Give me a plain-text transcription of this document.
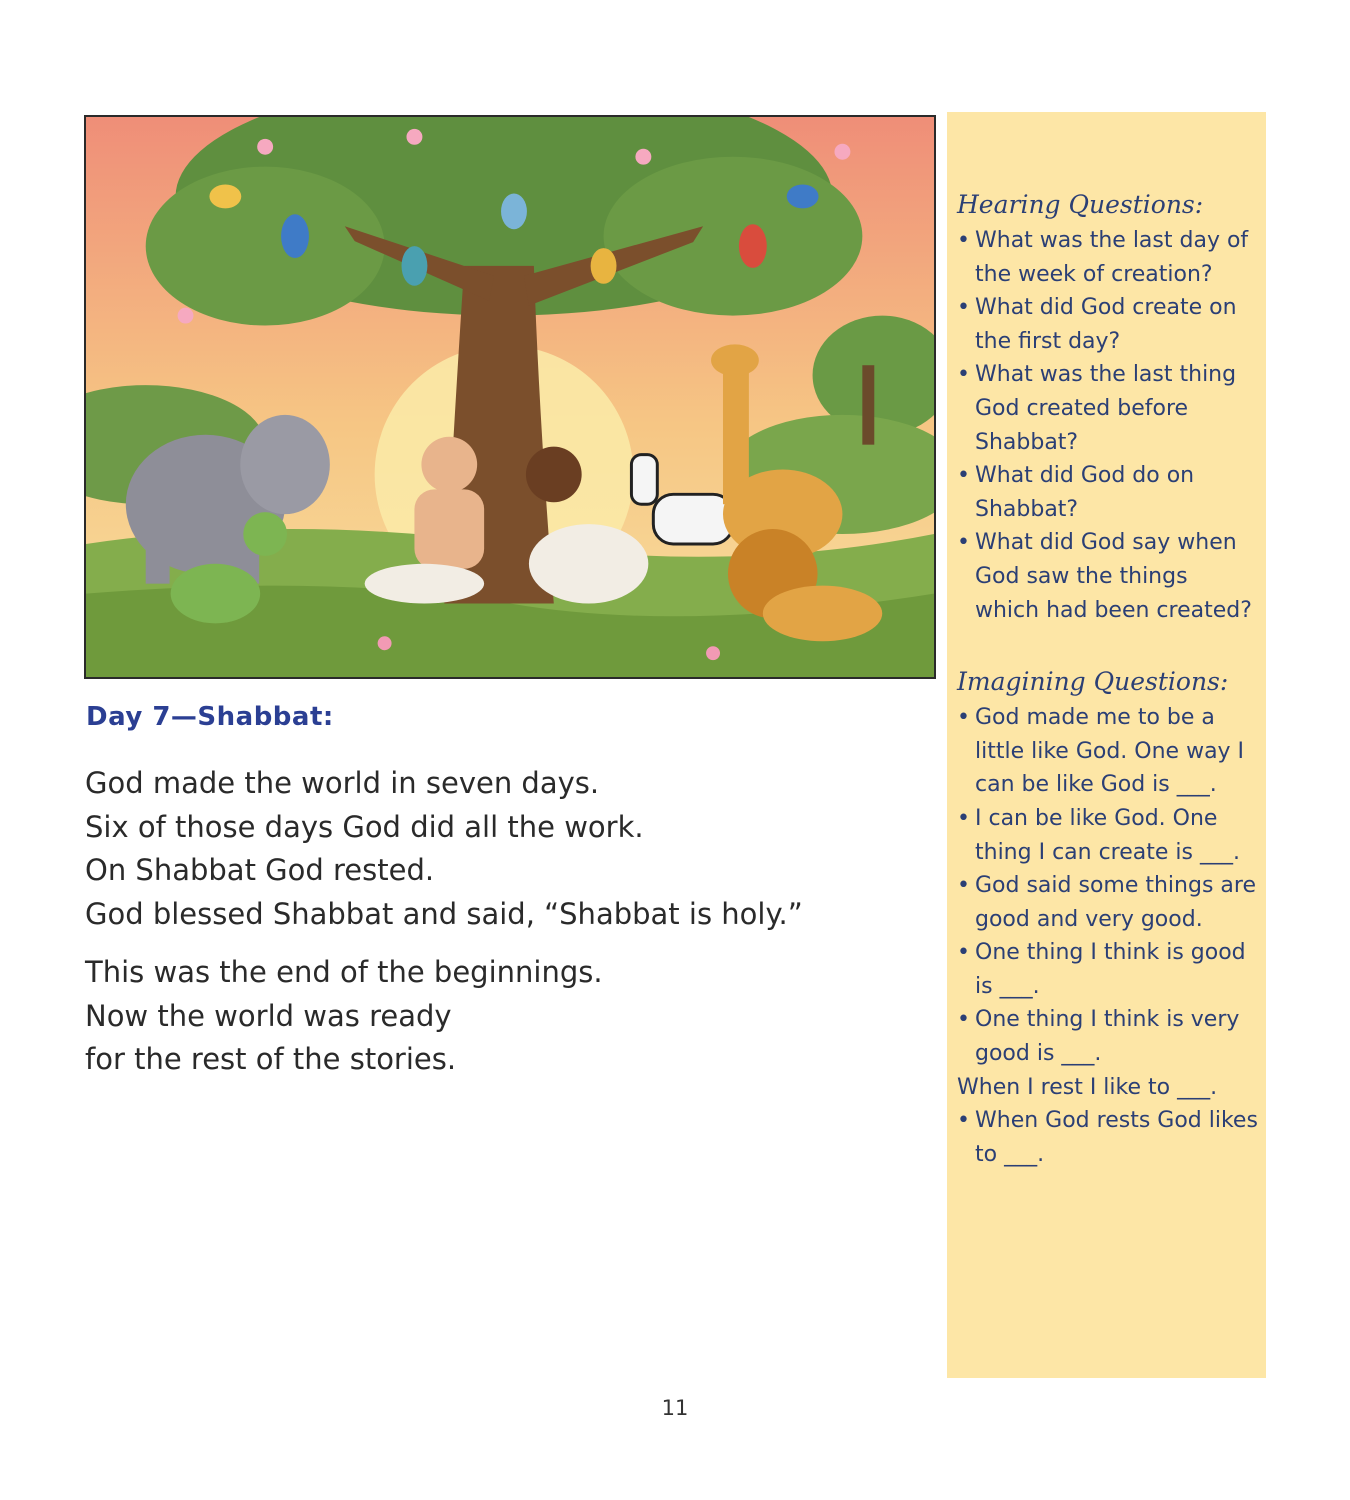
Day 7—Shabbat:

God made the world in seven days.
Six of those days God did all the work.
On Shabbat God rested.
God blessed Shabbat and said, “Shabbat is holy.”

This was the end of the beginnings.
Now the world was ready
for the rest of the stories.

Hearing Questions:
• What was the last day of the week of creation?
• What did God create on the first day?
• What was the last thing God created before Shabbat?
• What did God do on Shabbat?
• What did God say when God saw the things which had been created?
Imagining Questions:
• God made me to be a little like God. One way I can be like God is ___.
• I can be like God. One thing I can create is ___.
• God said some things are good and very good.
• One thing I think is good is ___.
• One thing I think is very good is ___.
When I rest I like to ___.
• When God rests God likes to ___.
11
